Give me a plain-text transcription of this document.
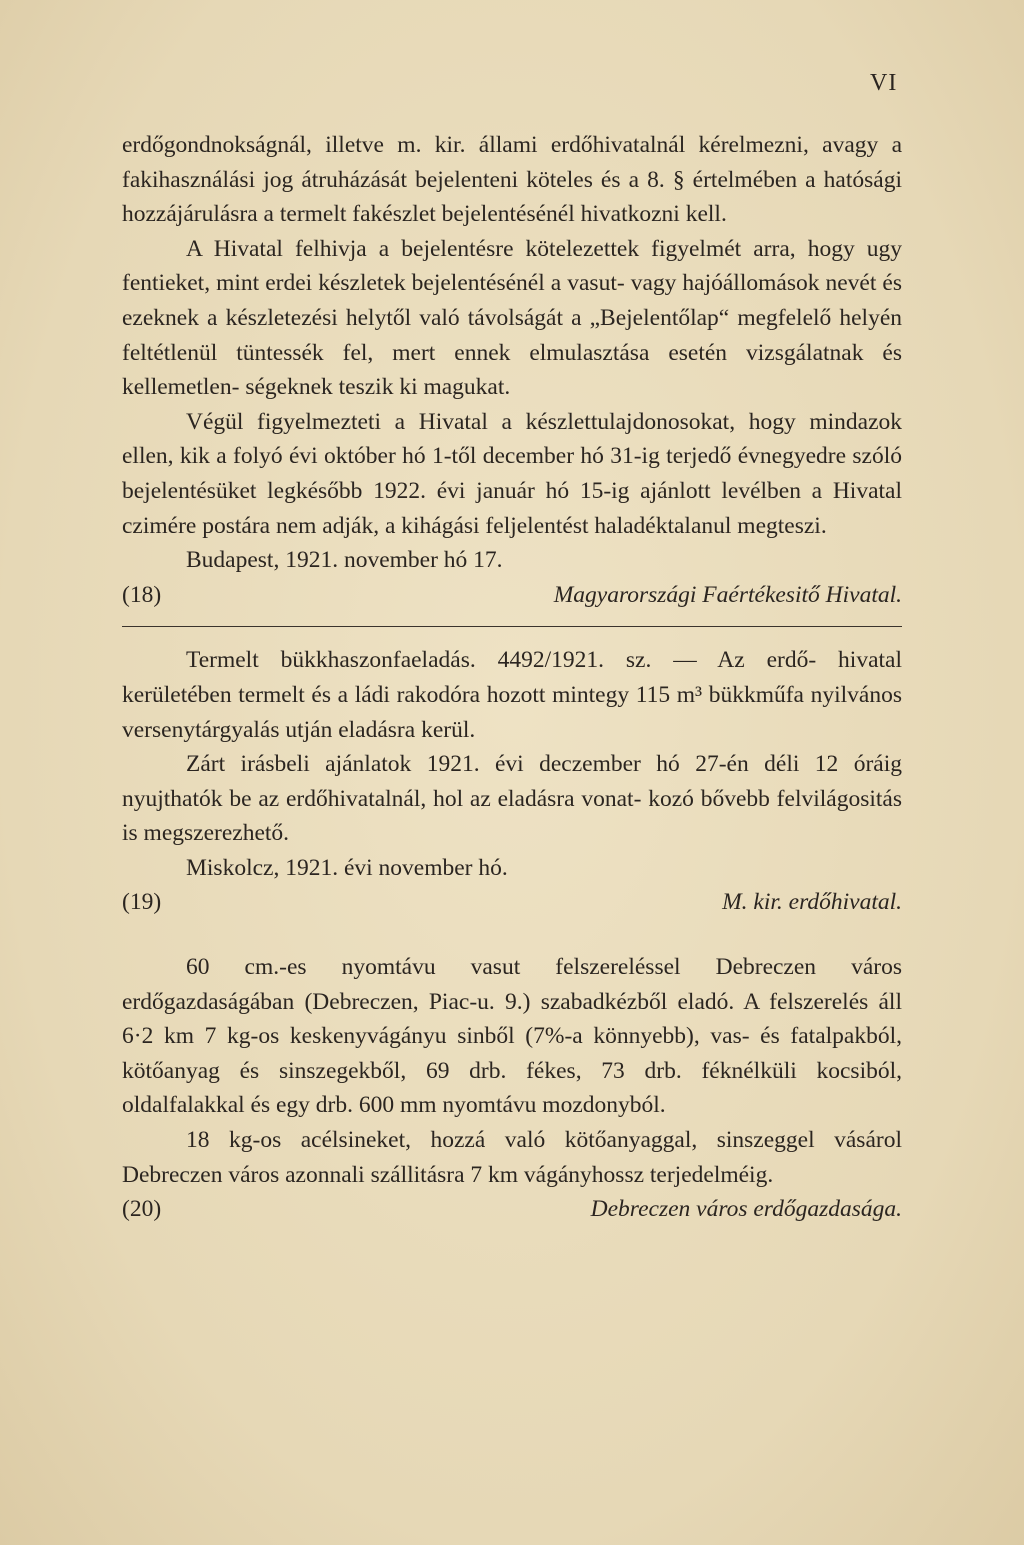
VI

erdőgondnokságnál, illetve m. kir. állami erdőhivatalnál kérelmezni, avagy a fakihasználási jog átruházását bejelenteni köteles és a 8. § értelmében a hatósági hozzájárulásra a termelt fakészlet bejelentésénél hivatkozni kell.

A Hivatal felhivja a bejelentésre kötelezettek figyelmét arra, hogy ugy fentieket, mint erdei készletek bejelentésénél a vasut- vagy hajóállomások nevét és ezeknek a készletezési helytől való távolságát a „Bejelentőlap“ megfelelő helyén feltétlenül tüntessék fel, mert ennek elmulasztása esetén vizsgálatnak és kellemetlen- ségeknek teszik ki magukat.

Végül figyelmezteti a Hivatal a készlettulajdonosokat, hogy mindazok ellen, kik a folyó évi október hó 1-től december hó 31-ig terjedő évnegyedre szóló bejelentésüket legkésőbb 1922. évi január hó 15-ig ajánlott levélben a Hivatal czimére postára nem adják, a kihágási feljelentést haladéktalanul megteszi.

Budapest, 1921. november hó 17.

(18)	Magyarországi Faértékesitő Hivatal.

Termelt bükkhaszonfaeladás. 4492/1921. sz. — Az erdő- hivatal kerületében termelt és a ládi rakodóra hozott mintegy 115 m³ bükkműfa nyilvános versenytárgyalás utján eladásra kerül.

Zárt irásbeli ajánlatok 1921. évi deczember hó 27-én déli 12 óráig nyujthatók be az erdőhivatalnál, hol az eladásra vonat- kozó bővebb felvilágositás is megszerezhető.

Miskolcz, 1921. évi november hó.

(19)	M. kir. erdőhivatal.

60 cm.-es nyomtávu vasut felszereléssel Debreczen város erdőgazdaságában (Debreczen, Piac-u. 9.) szabadkézből eladó. A felszerelés áll 6·2 km 7 kg-os keskenyvágányu sinből (7%-a könnyebb), vas- és fatalpakból, kötőanyag és sinszegekből, 69 drb. fékes, 73 drb. féknélküli kocsiból, oldalfalakkal és egy drb. 600 mm nyomtávu mozdonyból.

18 kg-os acélsineket, hozzá való kötőanyaggal, sinszeggel vásárol Debreczen város azonnali szállitásra 7 km vágányhossz terjedelméig.

(20)	Debreczen város erdőgazdasága.
